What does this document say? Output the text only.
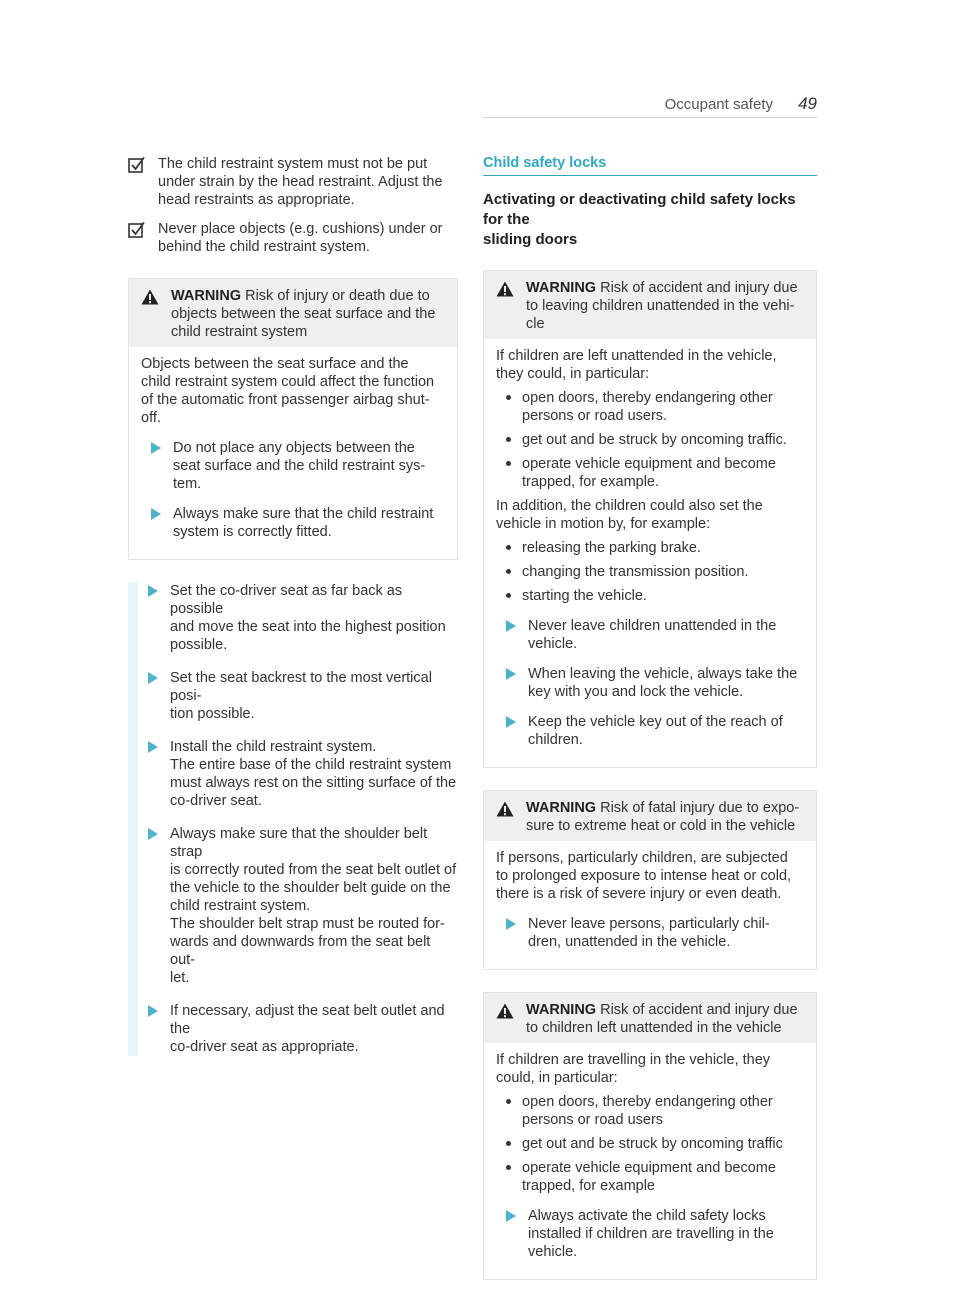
Occupant safety 49
The child restraint system must not be put
under strain by the head restraint. Adjust the
head restraints as appropriate.
Never place objects (e.g. cushions) under or
behind the child restraint system.
WARNING Risk of injury or death due to
objects between the seat surface and the
child restraint system

Objects between the seat surface and the
child restraint system could affect the function
of the automatic front passenger airbag shut-
off.

Do not place any objects between the
seat surface and the child restraint sys-
tem.
Always make sure that the child restraint
system is correctly fitted.
Set the co-driver seat as far back as possible
and move the seat into the highest position
possible.
Set the seat backrest to the most vertical posi-
tion possible.
Install the child restraint system.
The entire base of the child restraint system
must always rest on the sitting surface of the
co-driver seat.
Always make sure that the shoulder belt strap
is correctly routed from the seat belt outlet of
the vehicle to the shoulder belt guide on the
child restraint system.
The shoulder belt strap must be routed for-
wards and downwards from the seat belt out-
let.
If necessary, adjust the seat belt outlet and the
co-driver seat as appropriate.
Child safety locks
Activating or deactivating child safety locks for the
sliding doors
WARNING Risk of accident and injury due
to leaving children unattended in the vehi-
cle

If children are left unattended in the vehicle,
they could, in particular:

open doors, thereby endangering other
persons or road users.
get out and be struck by oncoming traffic.
operate vehicle equipment and become
trapped, for example.

In addition, the children could also set the
vehicle in motion by, for example:

releasing the parking brake.
changing the transmission position.
starting the vehicle.
Never leave children unattended in the
vehicle.
When leaving the vehicle, always take the
key with you and lock the vehicle.
Keep the vehicle key out of the reach of
children.
WARNING Risk of fatal injury due to expo-
sure to extreme heat or cold in the vehicle

If persons, particularly children, are subjected
to prolonged exposure to intense heat or cold,
there is a risk of severe injury or even death.

Never leave persons, particularly chil-
dren, unattended in the vehicle.
WARNING Risk of accident and injury due
to children left unattended in the vehicle

If children are travelling in the vehicle, they
could, in particular:

open doors, thereby endangering other
persons or road users
get out and be struck by oncoming traffic
operate vehicle equipment and become
trapped, for example
Always activate the child safety locks
installed if children are travelling in the
vehicle.
